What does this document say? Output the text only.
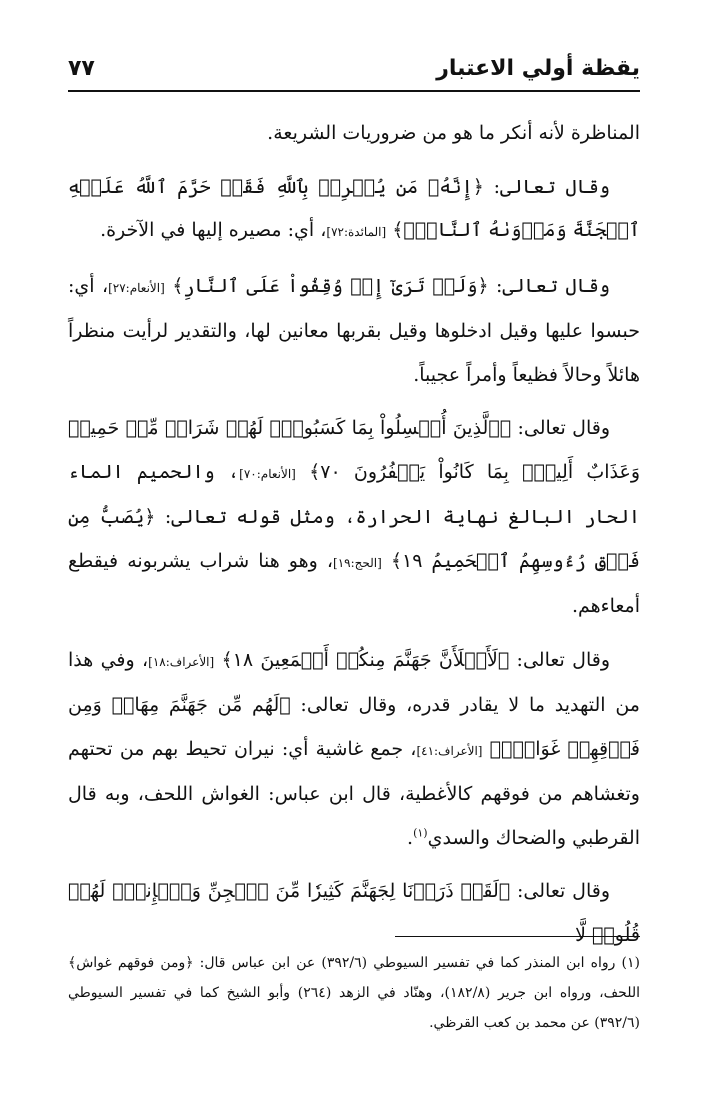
يقظة أولي الاعتبار
٧٧

المناظرة لأنه أنكر ما هو من ضروريات الشريعة.

وقال تعالى: ﴿إِنَّهُۥ مَن يُشۡرِكۡ بِٱللَّهِ فَقَدۡ حَرَّمَ ٱللَّهُ عَلَيۡهِ ٱلۡجَنَّةَ وَمَأۡوَىٰهُ ٱلنَّارُۖ﴾ [المائدة:٧٢]، أي: مصيره إليها في الآخرة.

وقال تعالى: ﴿وَلَوۡ تَرَىٰٓ إِذۡ وُقِفُواْ عَلَى ٱلنَّارِ﴾ [الأنعام:٢٧]، أي: حبسوا عليها وقيل ادخلوها وقيل بقربها معانين لها، والتقدير لرأيت منظراً هائلاً وحالاً فظيعاً وأمراً عجيباً.

وقال تعالى: ﴿ٱلَّذِينَ أُبۡسِلُواْ بِمَا كَسَبُواْۖ لَهُمۡ شَرَابٞ مِّنۡ حَمِيمٖ وَعَذَابٌ أَلِيمُۢ بِمَا كَانُواْ يَكۡفُرُونَ ٧٠﴾ [الأنعام:٧٠]، والحميم الماء الحار البالغ نهاية الحرارة، ومثل قوله تعالى: ﴿يُصَبُّ مِن فَوۡقِ رُءُوسِهِمُ ٱلۡحَمِيمُ ١٩﴾ [الحج:١٩]، وهو هنا شراب يشربونه فيقطع أمعاءهم.

وقال تعالى: ﴿لَأَمۡلَأَنَّ جَهَنَّمَ مِنكُمۡ أَجۡمَعِينَ ١٨﴾ [الأعراف:١٨]، وفي هذا من التهديد ما لا يقادر قدره، وقال تعالى: ﴿لَهُم مِّن جَهَنَّمَ مِهَادٞ وَمِن فَوۡقِهِمۡ غَوَاشٖۚ﴾ [الأعراف:٤١]، جمع غاشية أي: نيران تحيط بهم من تحتهم وتغشاهم من فوقهم كالأغطية، قال ابن عباس: الغواش اللحف، وبه قال القرطبي والضحاك والسدي$^{(١)}$.

وقال تعالى: ﴿لَقَدۡ ذَرَأۡنَا لِجَهَنَّمَ كَثِيرٗا مِّنَ ٱلۡجِنِّ وَٱلۡإِنسِۖ لَهُمۡ قُلُوبٞ لَّا

(١) رواه ابن المنذر كما في تفسير السيوطي (٣٩٢/٦) عن ابن عباس قال: ﴿ومن فوقهم غواش﴾ اللحف، ورواه ابن جرير (١٨٢/٨)، وهنّاد في الزهد (٢٦٤) وأبو الشيخ كما في تفسير السيوطي (٣٩٢/٦) عن محمد بن كعب القرظي.
